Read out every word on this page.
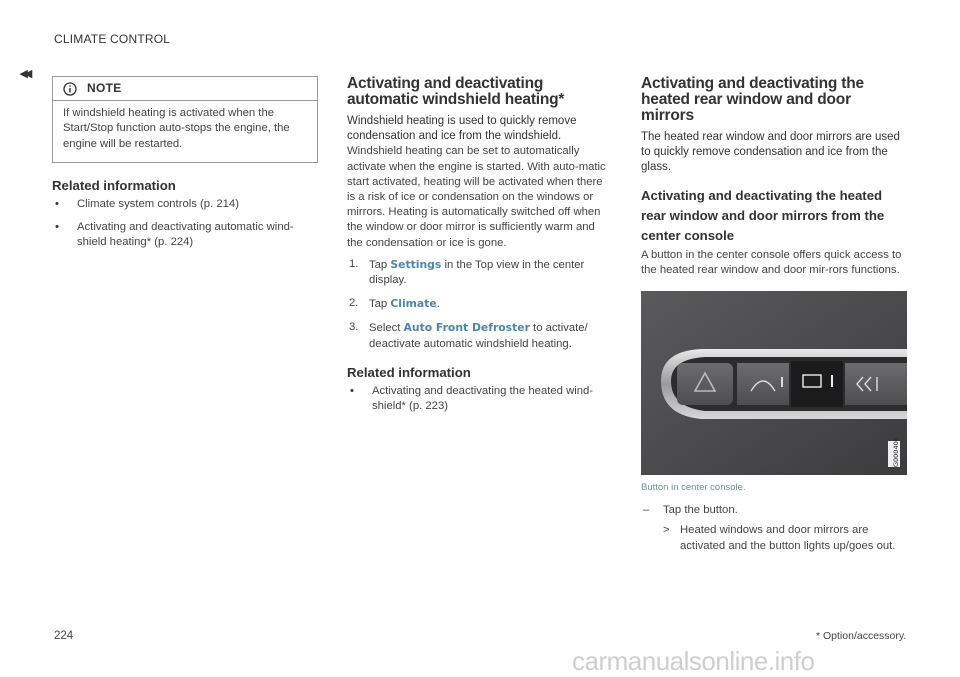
CLIMATE CONTROL
◂◂
NOTE
If windshield heating is activated when the Start/Stop function auto-stops the engine, the engine will be restarted.
Related information
• Climate system controls (p. 214)
• Activating and deactivating automatic wind-shield heating* (p. 224)
Activating and deactivating automatic windshield heating*

Windshield heating is used to quickly remove condensation and ice from the windshield.

Windshield heating can be set to automatically activate when the engine is started. With auto-matic start activated, heating will be activated when there is a risk of ice or condensation on the windows or mirrors. Heating is automatically switched off when the window or door mirror is sufficiently warm and the condensation or ice is gone.

1. Tap Settings in the Top view in the center display.
2. Tap Climate.
3. Select Auto Front Defroster to activate/ deactivate automatic windshield heating.
Related information
• Activating and deactivating the heated wind-shield* (p. 223)
Activating and deactivating the heated rear window and door mirrors

The heated rear window and door mirrors are used to quickly remove condensation and ice from the glass.

Activating and deactivating the heated rear window and door mirrors from the center console

A button in the center console offers quick access to the heated rear window and door mir-rors functions.

G000406
Button in center console.
– Tap the button.
> Heated windows and door mirrors are activated and the button lights up/goes out.
224	* Option/accessory.
carmanualsonline.info
